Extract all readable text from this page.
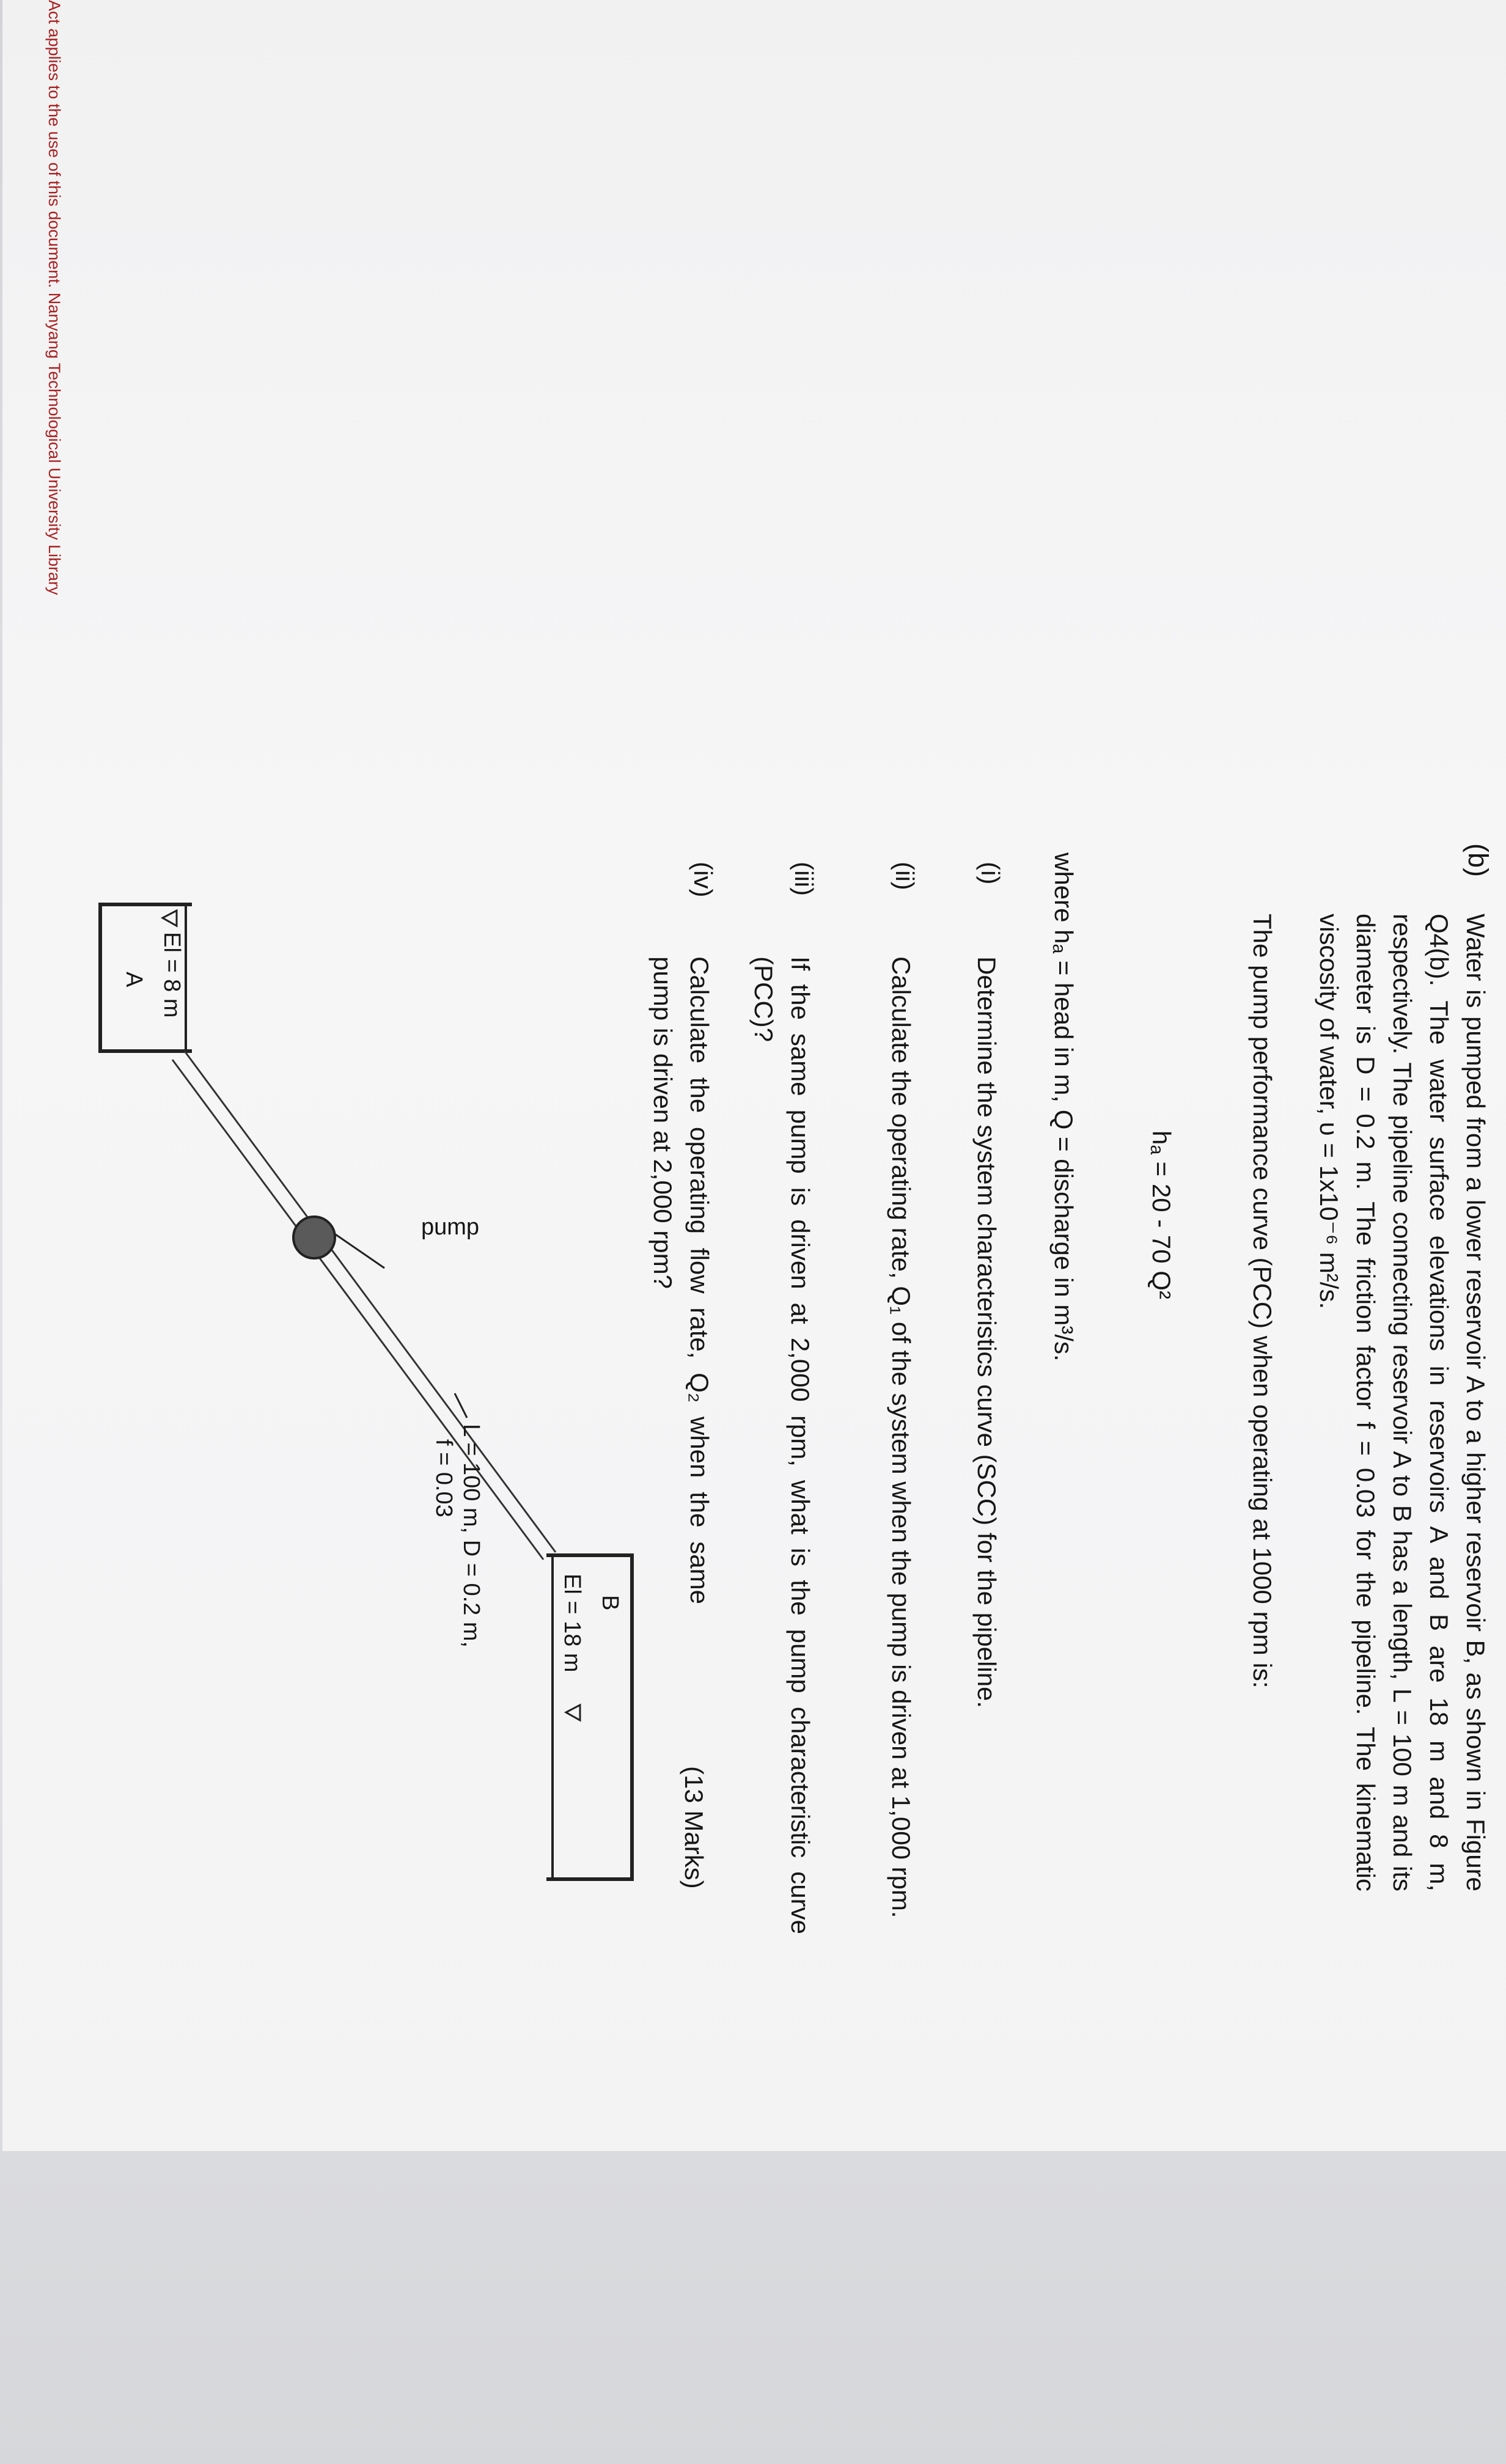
Act applies to the use of this document. Nanyang Technological University Library
(b)

Water is pumped from a lower reservoir A to a higher reservoir B, as shown in Figure Q4(b). The water surface elevations in reservoirs A and B are 18 m and 8 m, respectively. The pipeline connecting reservoir A to B has a length, L = 100 m and its diameter is D = 0.2 m. The friction factor f = 0.03 for the pipeline. The kinematic viscosity of water, υ = 1x10⁻⁶ m²/s.

The pump performance curve (PCC) when operating at 1000 rpm is:
hₐ = 20 - 70 Q²
where hₐ = head in m, Q = discharge in m³/s.
(i)

Determine the system characteristics curve (SCC) for the pipeline.

(ii)

Calculate the operating rate, Q₁ of the system when the pump is driven at 1,000 rpm.

(iii)

If the same pump is driven at 2,000 rpm, what is the pump characteristic curve (PCC)?

(iv)

Calculate the operating flow rate, Q₂ when the same pump is driven at 2,000 rpm?

(13 Marks)
El = 8 m
A
pump
L = 100 m, D = 0.2 m,
f = 0.03
El = 18 m B
